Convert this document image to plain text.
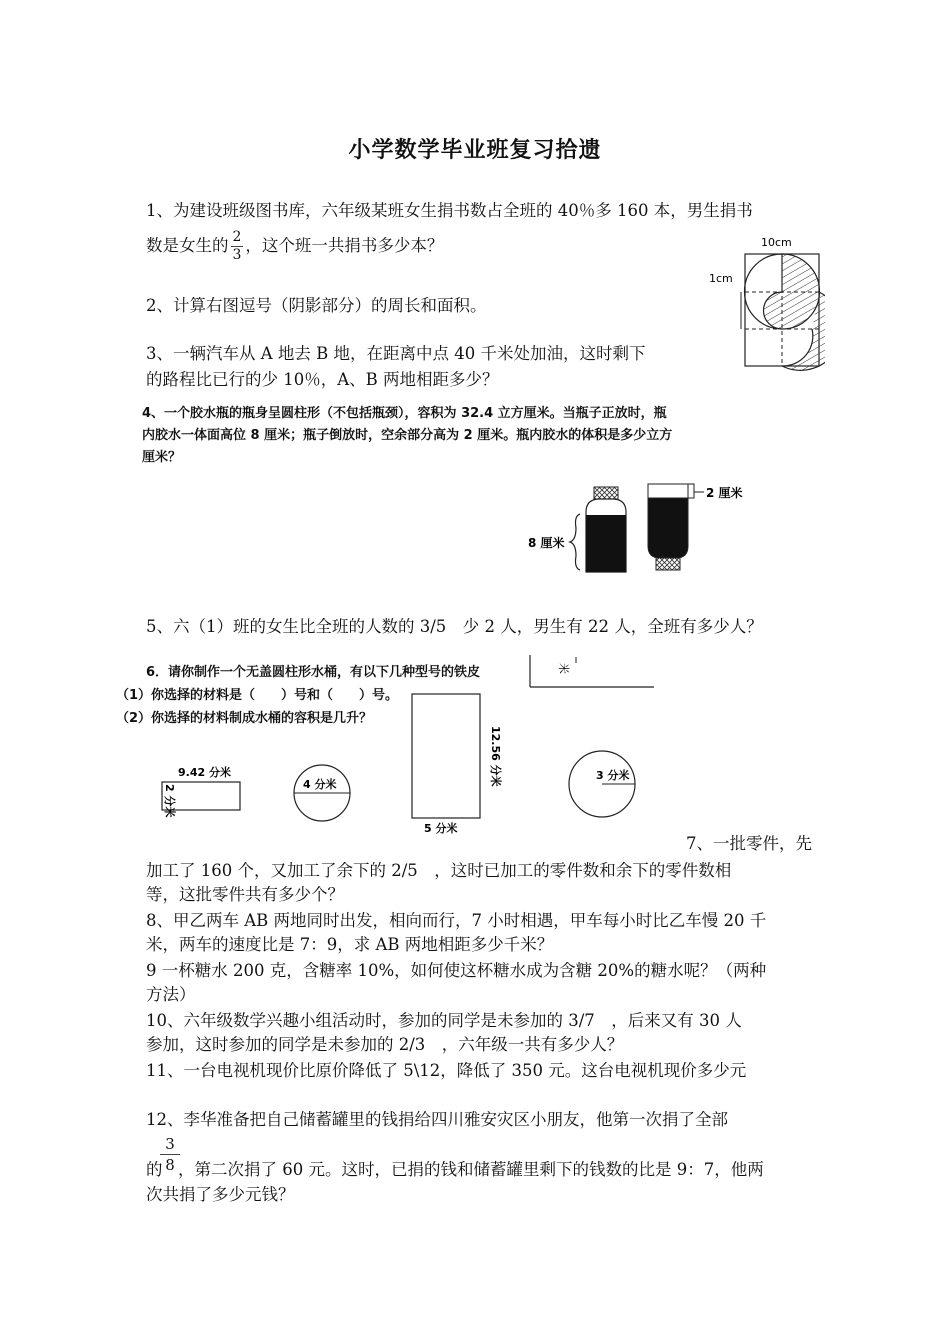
小学数学毕业班复习拾遗
1、为建设班级图书库，六年级某班女生捐书数占全班的 40％多 160 本，男生捐书
数是女生的 $\frac{2}{3}$ ，这个班一共捐书多少本？
2、计算右图逗号（阴影部分）的周长和面积。
10cm
1cm
3、一辆汽车从 A 地去 B 地，在距离中点 40 千米处加油，这时剩下
的路程比已行的少 10％，A、B 两地相距多少？
4、一个胶水瓶的瓶身呈圆柱形（不包括瓶颈），容积为 32.4 立方厘米。当瓶子正放时，瓶
内胶水一体面高位 8 厘米；瓶子倒放时，空余部分高为 2 厘米。瓶内胶水的体积是多少立方
厘米？
8 厘米
2 厘米
5、六（1）班的女生比全班的人数的 3/5　少 2 人，男生有 22 人，全班有多少人？
6．请你制作一个无盖圆柱形水桶，有以下几种型号的铁皮
（1）你选择的材料是（　　）号和（　　）号。
（2）你选择的材料制成水桶的容积是几升？
米
9.42 分米
2 分米	4 分米	12.56 分米
5 分米
3 分米
7、一批零件，先
加工了 160 个，又加工了余下的 2/5　，这时已加工的零件数和余下的零件数相
等，这批零件共有多少个？
8、甲乙两车 AB 两地同时出发，相向而行，7 小时相遇，甲车每小时比乙车慢 20 千
米，两车的速度比是 7：9，求 AB 两地相距多少千米？
9 一杯糖水 200 克，含糖率 10%，如何使这杯糖水成为含糖 20%的糖水呢？（两种
方法）
10、六年级数学兴趣小组活动时，参加的同学是未参加的 3/7　，后来又有 30 人
参加，这时参加的同学是未参加的 2/3　，六年级一共有多少人？
11、一台电视机现价比原价降低了 5\12，降低了 350 元。这台电视机现价多少元
12、李华准备把自己储蓄罐里的钱捐给四川雅安灾区小朋友，他第一次捐了全部
$\frac{3}{8}$
的 ，第二次捐了 60 元。这时，已捐的钱和储蓄罐里剩下的钱数的比是 9：7，他两
次共捐了多少元钱？
